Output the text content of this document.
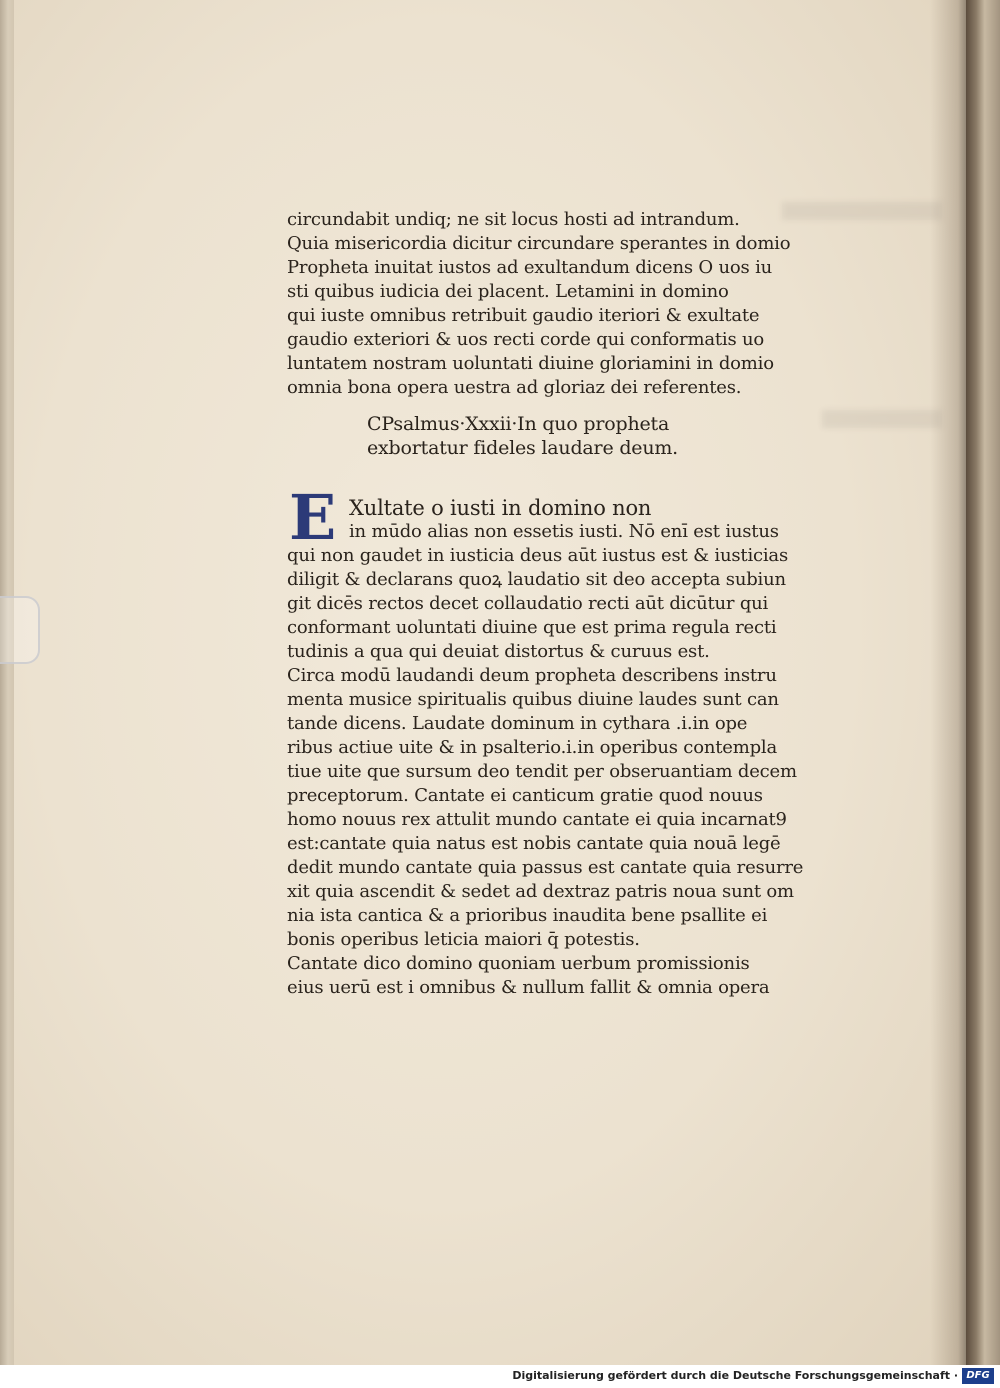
circundabit undiq; ne sit locus hosti ad intrandum.
Quia misericordia dicitur circundare sperantes in domio
Propheta inuitat iustos ad exultandum dicens O uos iu
sti quibus iudicia dei placent. Letamini in domino
qui iuste omnibus retribuit gaudio iteriori & exultate
gaudio exteriori & uos recti corde qui conformatis uo
luntatem nostram uoluntati diuine gloriamini in domio
omnia bona opera uestra ad gloriaz dei referentes.
CPsalmus·Xxxii·In quo propheta
exbortatur fideles laudare deum.
E Xultate o iusti in domino non
in mūdo alias non essetis iusti. Nō enī est iustus
qui non gaudet in iusticia deus aūt iustus est & iusticias
diligit & declarans quoꝝ laudatio sit deo accepta subiun
git dicēs rectos decet collaudatio recti aūt dicūtur qui
conformant uoluntati diuine que est prima regula recti
tudinis a qua qui deuiat distortus & curuus est.
Circa modū laudandi deum propheta describens instru
menta musice spiritualis quibus diuine laudes sunt can
tande dicens. Laudate dominum in cythara .i.in ope
ribus actiue uite & in psalterio.i.in operibus contempla
tiue uite que sursum deo tendit per obseruantiam decem
preceptorum. Cantate ei canticum gratie quod nouus
homo nouus rex attulit mundo cantate ei quia incarnat9
est:cantate quia natus est nobis cantate quia nouā legē
dedit mundo cantate quia passus est cantate quia resurre
xit quia ascendit & sedet ad dextraz patris noua sunt om
nia ista cantica & a prioribus inaudita bene psallite ei
bonis operibus leticia maiori q̄ potestis.
Cantate dico domino quoniam uerbum promissionis
eius uerū est i omnibus & nullum fallit & omnia opera
Digitalisierung gefördert durch die Deutsche Forschungsgemeinschaft · DFG
